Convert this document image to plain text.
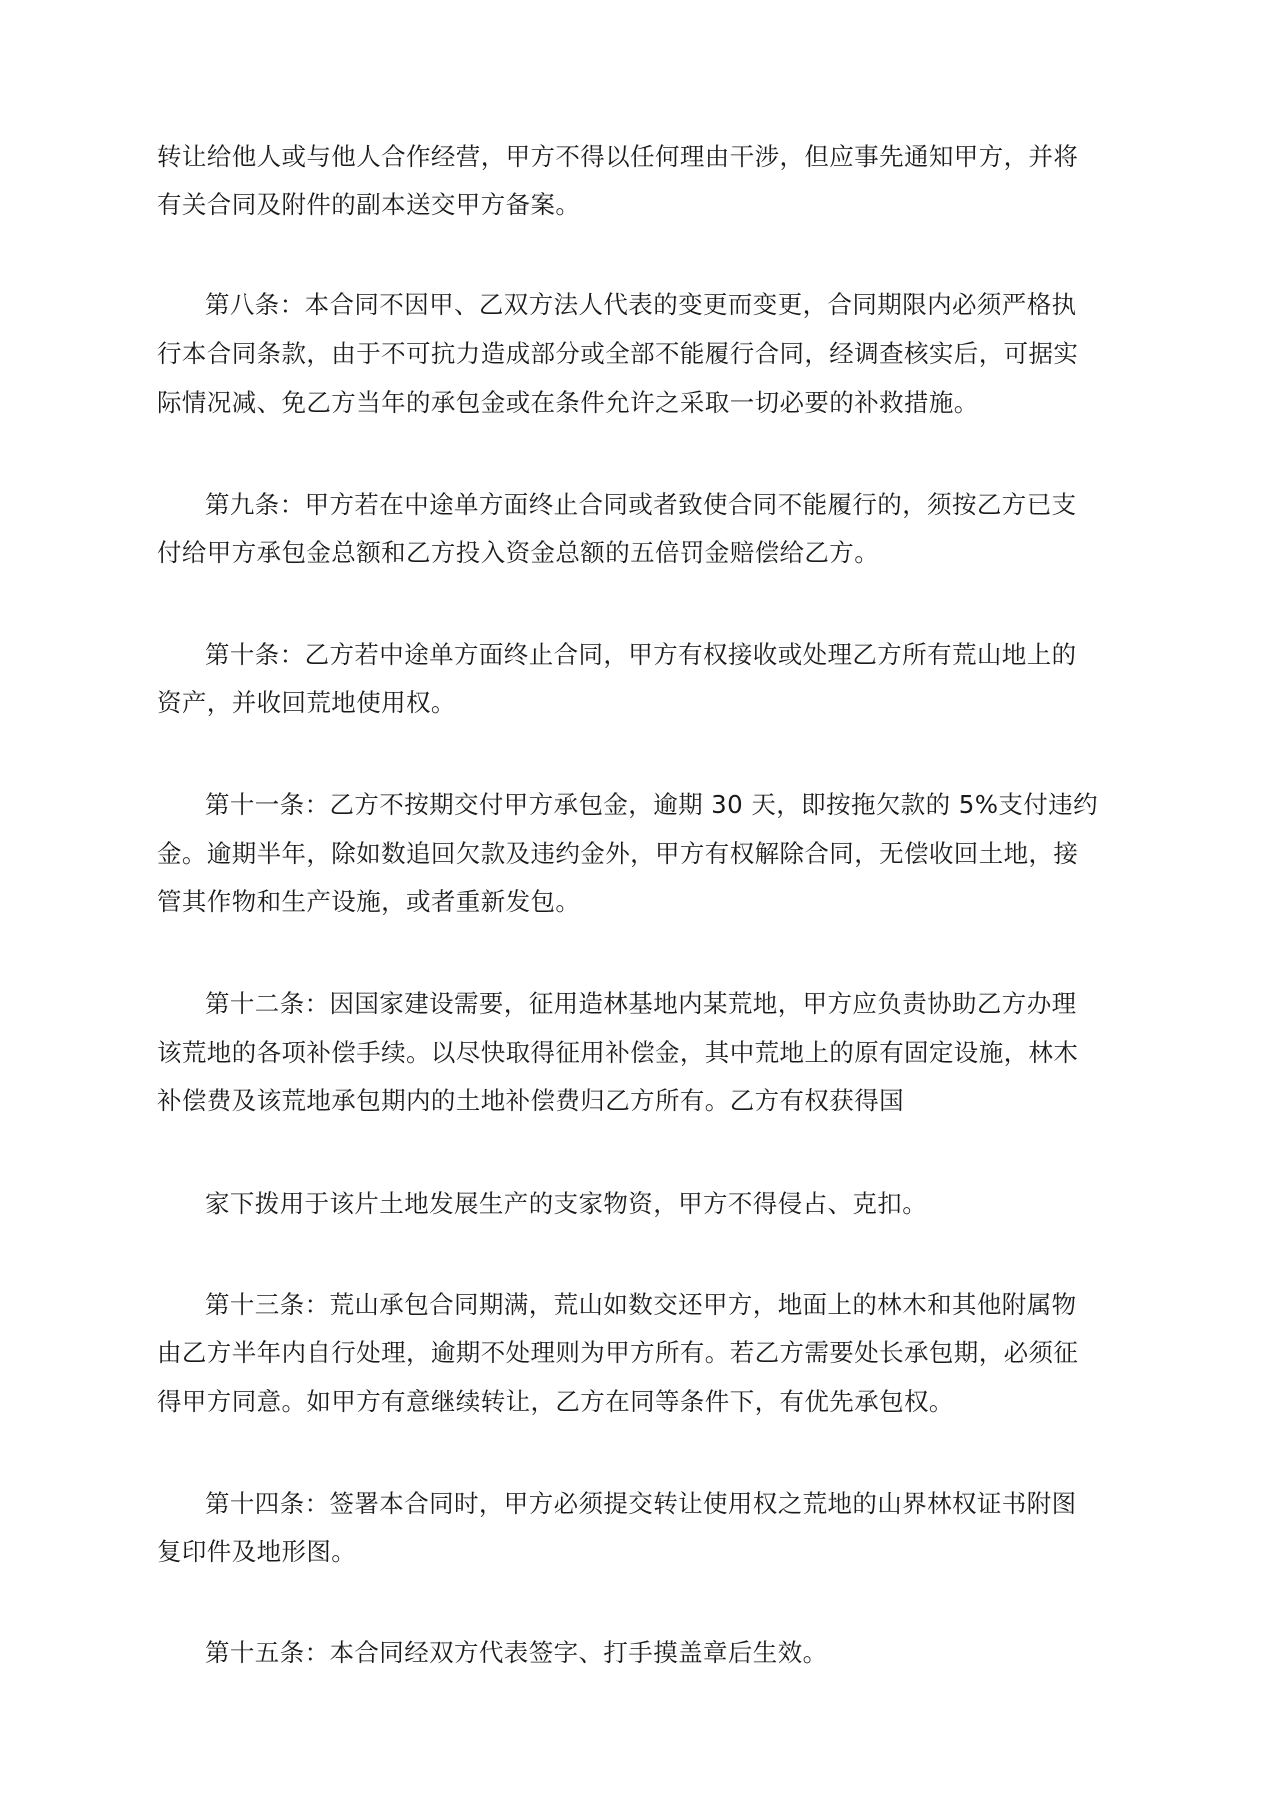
转让给他人或与他人合作经营，甲方不得以任何理由干涉，但应事先通知甲方，并将

有关合同及附件的副本送交甲方备案。

第八条：本合同不因甲、乙双方法人代表的变更而变更，合同期限内必须严格执

行本合同条款，由于不可抗力造成部分或全部不能履行合同，经调查核实后，可据实

际情况减、免乙方当年的承包金或在条件允许之采取一切必要的补救措施。

第九条：甲方若在中途单方面终止合同或者致使合同不能履行的，须按乙方已支

付给甲方承包金总额和乙方投入资金总额的五倍罚金赔偿给乙方。

第十条：乙方若中途单方面终止合同，甲方有权接收或处理乙方所有荒山地上的

资产，并收回荒地使用权。

第十一条：乙方不按期交付甲方承包金，逾期 30 天，即按拖欠款的 5%支付违约

金。逾期半年，除如数追回欠款及违约金外，甲方有权解除合同，无偿收回土地，接

管其作物和生产设施，或者重新发包。

第十二条：因国家建设需要，征用造林基地内某荒地，甲方应负责协助乙方办理

该荒地的各项补偿手续。以尽快取得征用补偿金，其中荒地上的原有固定设施，林木

补偿费及该荒地承包期内的土地补偿费归乙方所有。乙方有权获得国

家下拨用于该片土地发展生产的支家物资，甲方不得侵占、克扣。

第十三条：荒山承包合同期满，荒山如数交还甲方，地面上的林木和其他附属物

由乙方半年内自行处理，逾期不处理则为甲方所有。若乙方需要处长承包期，必须征

得甲方同意。如甲方有意继续转让，乙方在同等条件下，有优先承包权。

第十四条：签署本合同时，甲方必须提交转让使用权之荒地的山界林权证书附图

复印件及地形图。

第十五条：本合同经双方代表签字、打手摸盖章后生效。
